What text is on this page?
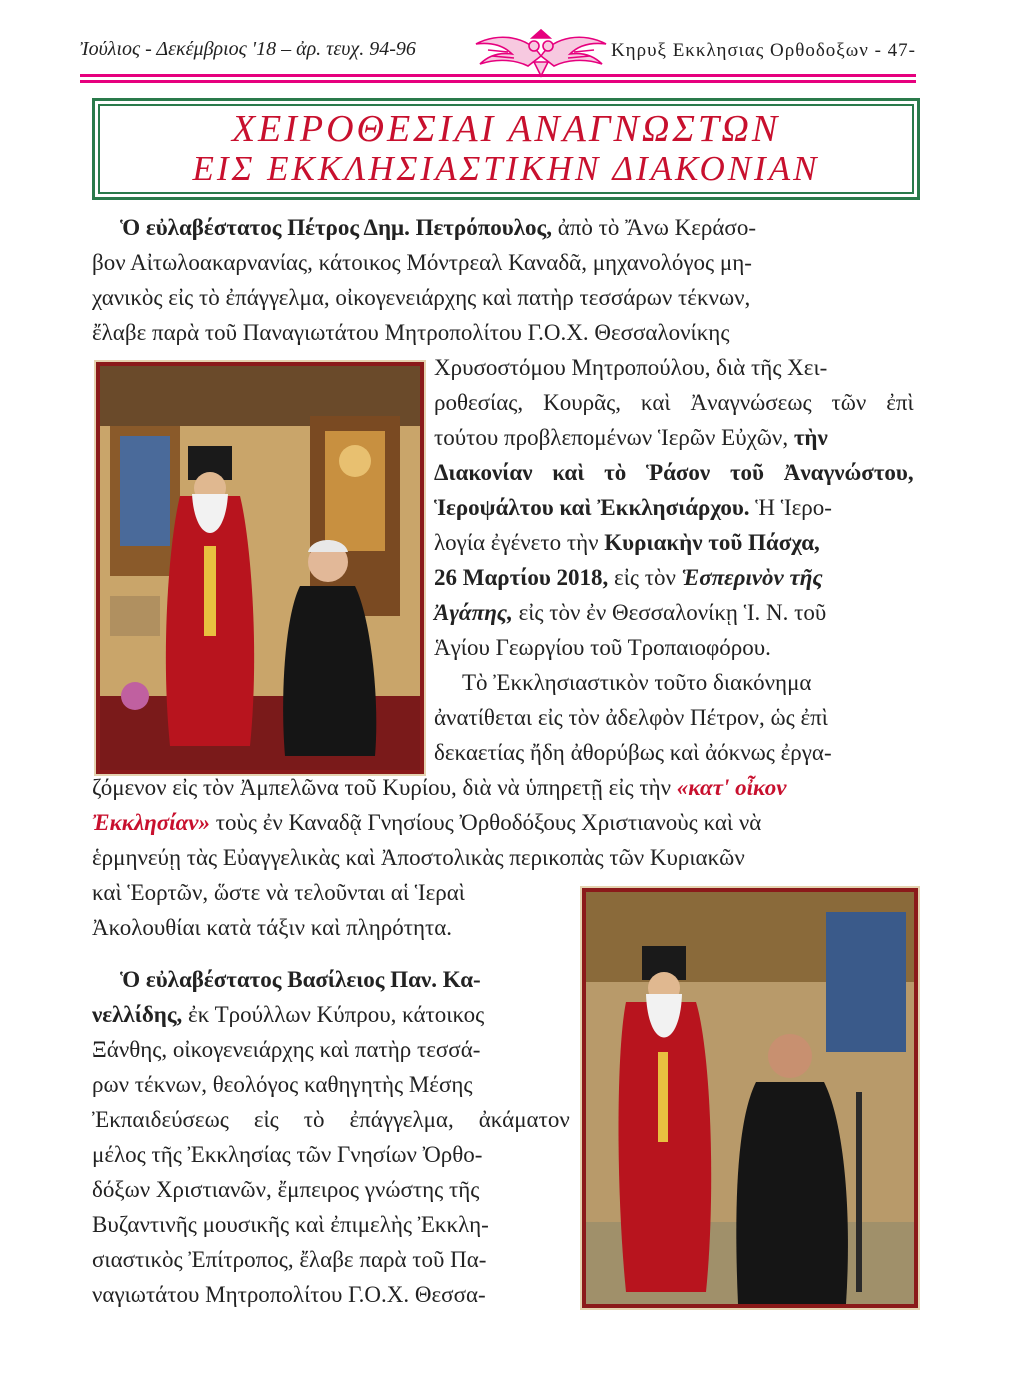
Ἰούλιος - Δεκέμβριος '18 – ἀρ. τευχ. 94-96	Κηρυξ Εκκλησιας Ορθοδοξων - 47-
ΧΕΙΡΟΘΕΣΙΑΙ ΑΝΑΓΝΩΣΤΩΝ
ΕΙΣ ΕΚΚΛΗΣΙΑΣΤΙΚΗΝ ΔΙΑΚΟΝΙΑΝ
Ὁ εὐλαβέστατος Πέτρος Δημ. Πετρόπουλος, ἀπὸ τὸ Ἄνω Κεράσο-
βον Αἰτωλοακαρνανίας, κάτοικος Μόντρεαλ Καναδᾶ, μηχανολόγος μη-
χανικὸς εἰς τὸ ἐπάγγελμα, οἰκογενειάρχης καὶ πατὴρ τεσσάρων τέκνων,
ἔλαβε παρὰ τοῦ Παναγιωτάτου Μητροπολίτου Γ.Ο.Χ. Θεσσαλονίκης
Χρυσοστόμου Μητροπούλου, διὰ τῆς Χει-
ροθεσίας, Κουρᾶς, καὶ Ἀναγνώσεως τῶν ἐπὶ
τούτου προβλεπομένων Ἱερῶν Εὐχῶν, τὴν
Διακονίαν καὶ τὸ Ῥάσον τοῦ Ἀναγνώστου,
Ἱεροψάλτου καὶ Ἐκκλησιάρχου. Ἡ Ἱερο-
λογία ἐγένετο τὴν Κυριακὴν τοῦ Πάσχα,
26 Μαρτίου 2018, εἰς τὸν Ἑσπερινὸν τῆς
Ἀγάπης, εἰς τὸν ἐν Θεσσαλονίκῃ Ἱ. Ν. τοῦ
Ἁγίου Γεωργίου τοῦ Τροπαιοφόρου.
Τὸ Ἐκκλησιαστικὸν τοῦτο διακόνημα
ἀνατίθεται εἰς τὸν ἀδελφὸν Πέτρον, ὡς ἐπὶ
δεκαετίας ἤδη ἀθορύβως καὶ ἀόκνως ἐργα-
ζόμενον εἰς τὸν Ἀμπελῶνα τοῦ Κυρίου, διὰ νὰ ὑπηρετῇ εἰς τὴν «κατ' οἶκον
Ἐκκλησίαν» τοὺς ἐν Καναδᾷ Γνησίους Ὀρθοδόξους Χριστιανοὺς καὶ νὰ
ἑρμηνεύῃ τὰς Εὐαγγελικὰς καὶ Ἀποστολικὰς περικοπὰς τῶν Κυριακῶν
καὶ Ἑορτῶν, ὥστε νὰ τελοῦνται αἱ Ἱεραὶ
Ἀκολουθίαι κατὰ τάξιν καὶ πληρότητα.
Ὁ εὐλαβέστατος Βασίλειος Παν. Κα-
νελλίδης, ἐκ Τρούλλων Κύπρου, κάτοικος
Ξάνθης, οἰκογενειάρχης καὶ πατὴρ τεσσά-
ρων τέκνων, θεολόγος καθηγητὴς Μέσης
Ἐκπαιδεύσεως εἰς τὸ ἐπάγγελμα, ἀκάματον
μέλος τῆς Ἐκκλησίας τῶν Γνησίων Ὀρθο-
δόξων Χριστιανῶν, ἔμπειρος γνώστης τῆς
Βυζαντινῆς μουσικῆς καὶ ἐπιμελὴς Ἐκκλη-
σιαστικὸς Ἐπίτροπος, ἔλαβε παρὰ τοῦ Πα-
ναγιωτάτου Μητροπολίτου Γ.Ο.Χ. Θεσσα-
